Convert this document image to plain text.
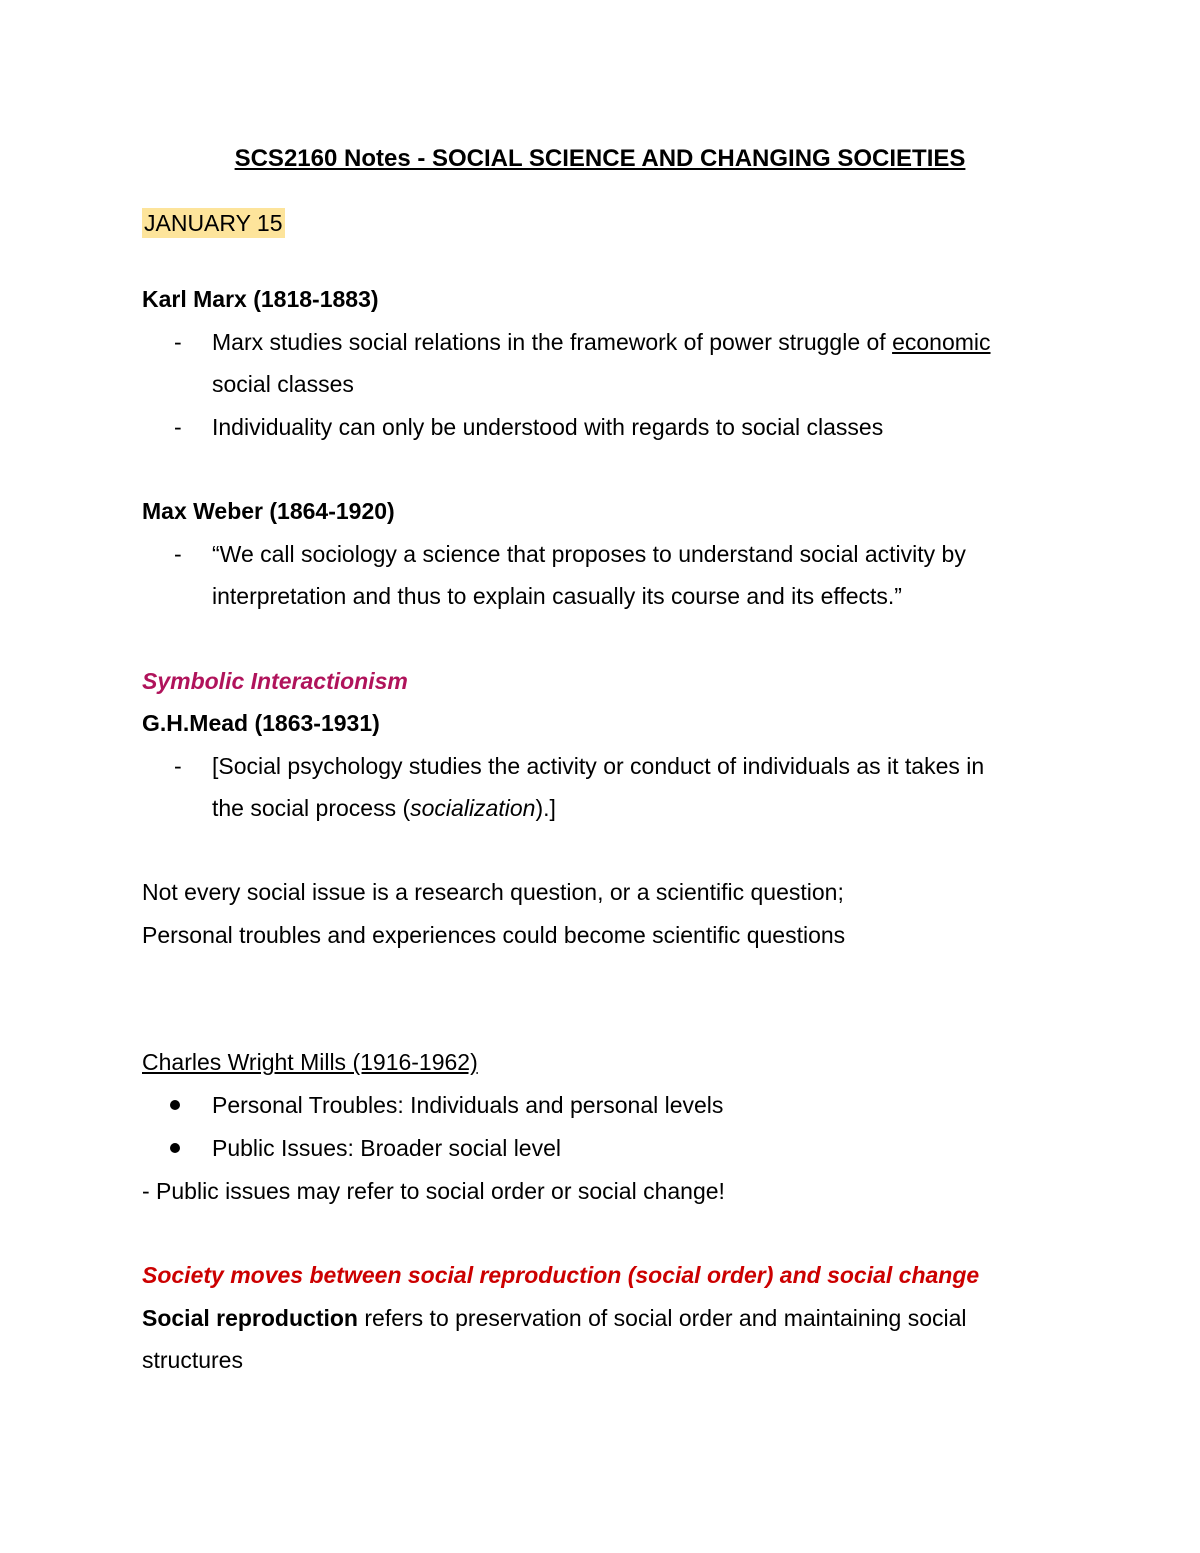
SCS2160 Notes - SOCIAL SCIENCE AND CHANGING SOCIETIES
JANUARY 15
Karl Marx (1818-1883)
- Marx studies social relations in the framework of power struggle of economic
social classes
- Individuality can only be understood with regards to social classes
Max Weber (1864-1920)
- “We call sociology a science that proposes to understand social activity by
interpretation and thus to explain casually its course and its effects.”
Symbolic Interactionism
G.H.Mead (1863-1931)
- [Social psychology studies the activity or conduct of individuals as it takes in
the social process (socialization).]
Not every social issue is a research question, or a scientific question;
Personal troubles and experiences could become scientific questions
Charles Wright Mills (1916-1962)
Personal Troubles: Individuals and personal levels
Public Issues: Broader social level
- Public issues may refer to social order or social change!
Society moves between social reproduction (social order) and social change
Social reproduction refers to preservation of social order and maintaining social
structures
